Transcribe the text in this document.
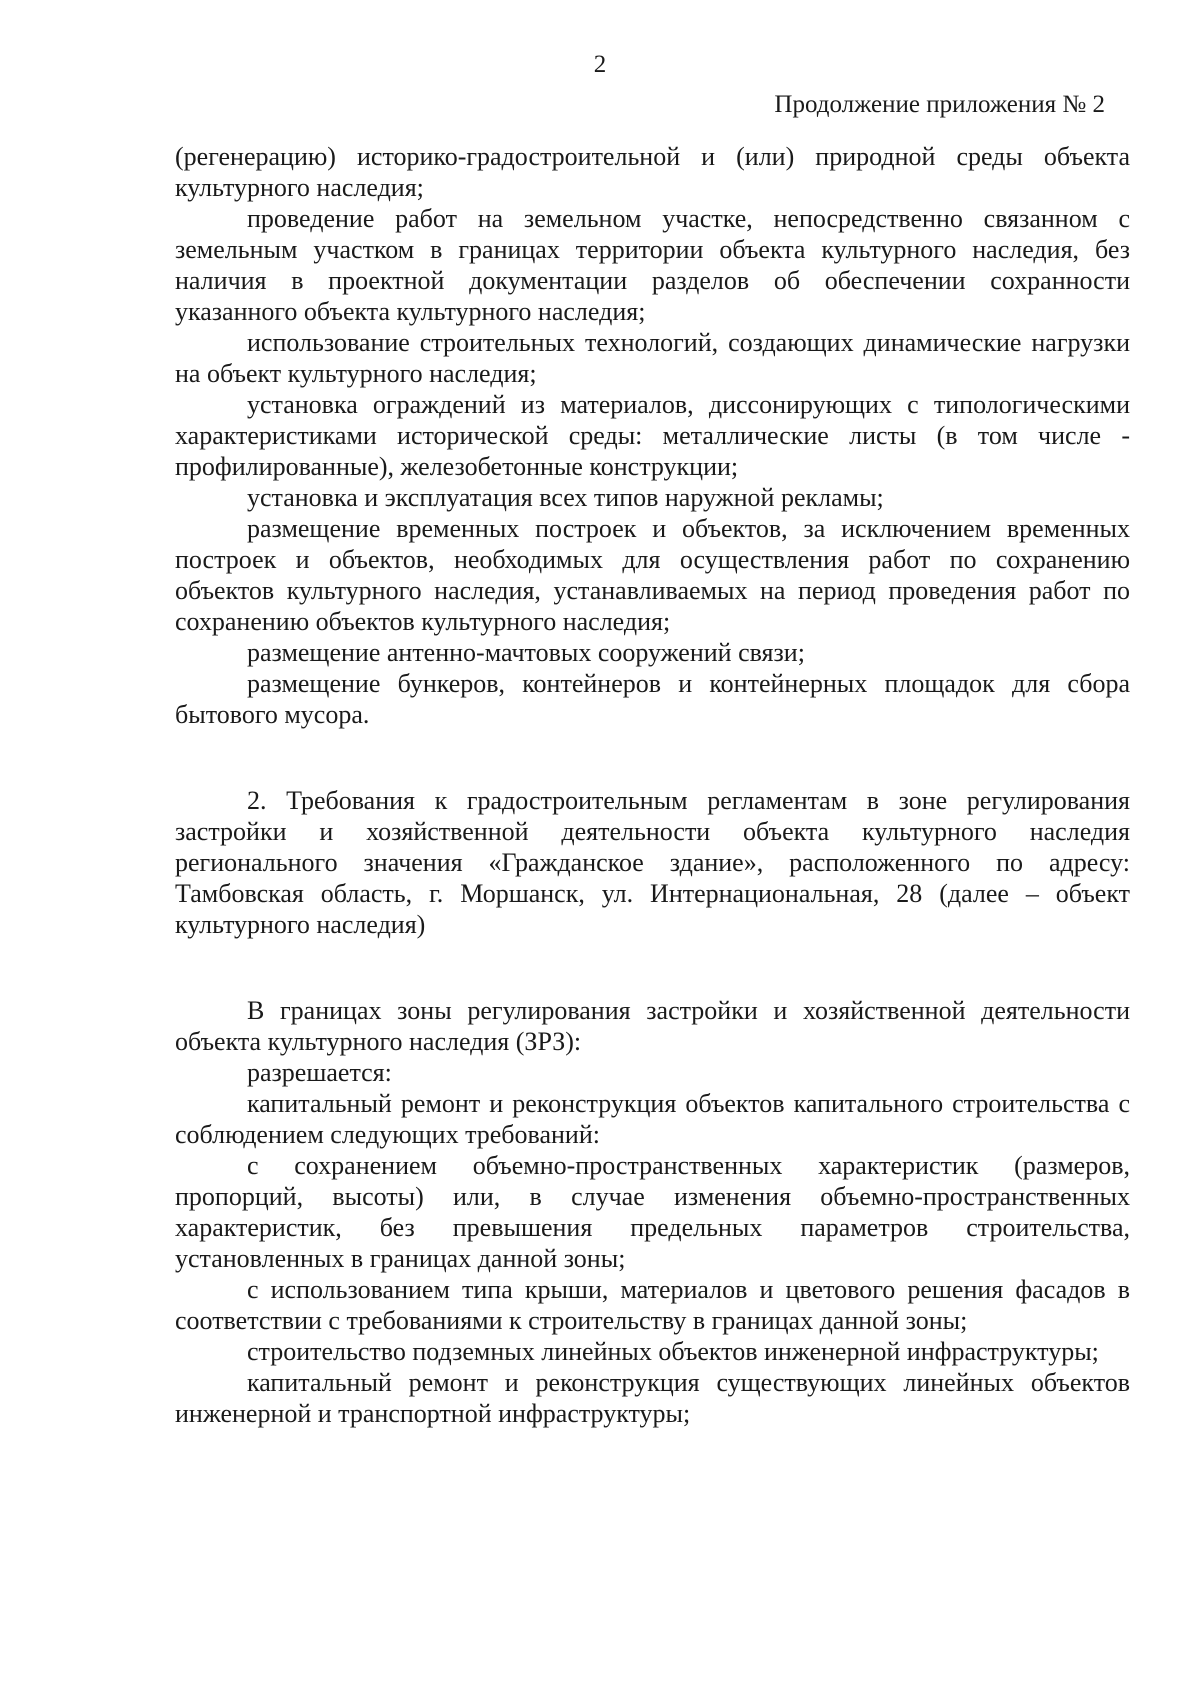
2
Продолжение приложения № 2

(регенерацию) историко-градостроительной и (или) природной среды объекта культурного наследия;

проведение работ на земельном участке, непосредственно связанном с земельным участком в границах территории объекта культурного наследия, без наличия в проектной документации разделов об обеспечении сохранности указанного объекта культурного наследия;

использование строительных технологий, создающих динамические нагрузки на объект культурного наследия;

установка ограждений из материалов, диссонирующих с типологическими характеристиками исторической среды: металлические листы (в том числе - профилированные), железобетонные конструкции;

установка и эксплуатация всех типов наружной рекламы;

размещение временных построек и объектов, за исключением временных построек и объектов, необходимых для осуществления работ по сохранению объектов культурного наследия, устанавливаемых на период проведения работ по сохранению объектов культурного наследия;

размещение антенно-мачтовых сооружений связи;

размещение бункеров, контейнеров и контейнерных площадок для сбора бытового мусора.

2. Требования к градостроительным регламентам в зоне регулирования застройки и хозяйственной деятельности объекта культурного наследия регионального значения «Гражданское здание», расположенного по адресу: Тамбовская область, г. Моршанск, ул. Интернациональная, 28 (далее – объект культурного наследия)

В границах зоны регулирования застройки и хозяйственной деятельности объекта культурного наследия (ЗРЗ):

разрешается:

капитальный ремонт и реконструкция объектов капитального строительства с соблюдением следующих требований:

с сохранением объемно-пространственных характеристик (размеров, пропорций, высоты) или, в случае изменения объемно-пространственных характеристик, без превышения предельных параметров строительства, установленных в границах данной зоны;

с использованием типа крыши, материалов и цветового решения фасадов в соответствии с требованиями к строительству в границах данной зоны;

строительство подземных линейных объектов инженерной инфраструктуры;

капитальный ремонт и реконструкция существующих линейных объектов инженерной и транспортной инфраструктуры;
